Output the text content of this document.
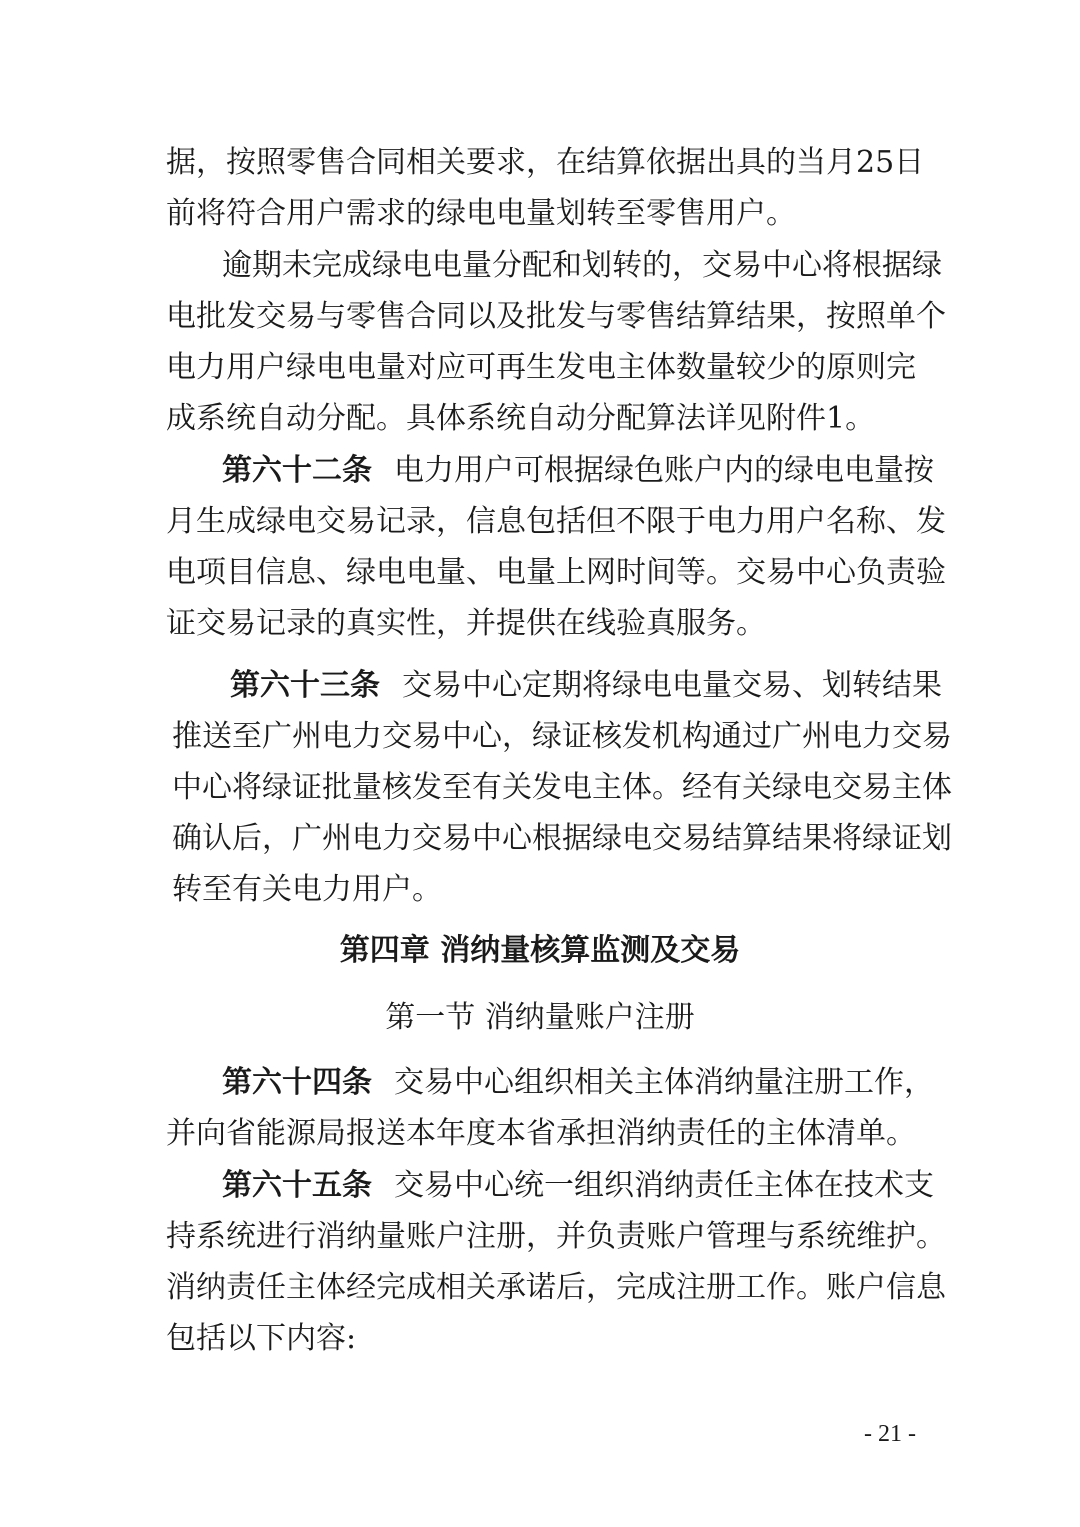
据，按照零售合同相关要求，在结算依据出具的当月25日
前将符合用户需求的绿电电量划转至零售用户。
逾期未完成绿电电量分配和划转的，交易中心将根据绿
电批发交易与零售合同以及批发与零售结算结果，按照单个
电力用户绿电电量对应可再生发电主体数量较少的原则完
成系统自动分配。具体系统自动分配算法详见附件1。
第六十二条 电力用户可根据绿色账户内的绿电电量按
月生成绿电交易记录，信息包括但不限于电力用户名称、发
电项目信息、绿电电量、电量上网时间等。交易中心负责验
证交易记录的真实性，并提供在线验真服务。
第六十三条 交易中心定期将绿电电量交易、划转结果
推送至广州电力交易中心，绿证核发机构通过广州电力交易
中心将绿证批量核发至有关发电主体。经有关绿电交易主体
确认后，广州电力交易中心根据绿电交易结算结果将绿证划
转至有关电力用户。
第四章 消纳量核算监测及交易
第一节 消纳量账户注册
第六十四条 交易中心组织相关主体消纳量注册工作，
并向省能源局报送本年度本省承担消纳责任的主体清单。
第六十五条 交易中心统一组织消纳责任主体在技术支
持系统进行消纳量账户注册，并负责账户管理与系统维护。
消纳责任主体经完成相关承诺后，完成注册工作。账户信息
包括以下内容:
- 21 -
